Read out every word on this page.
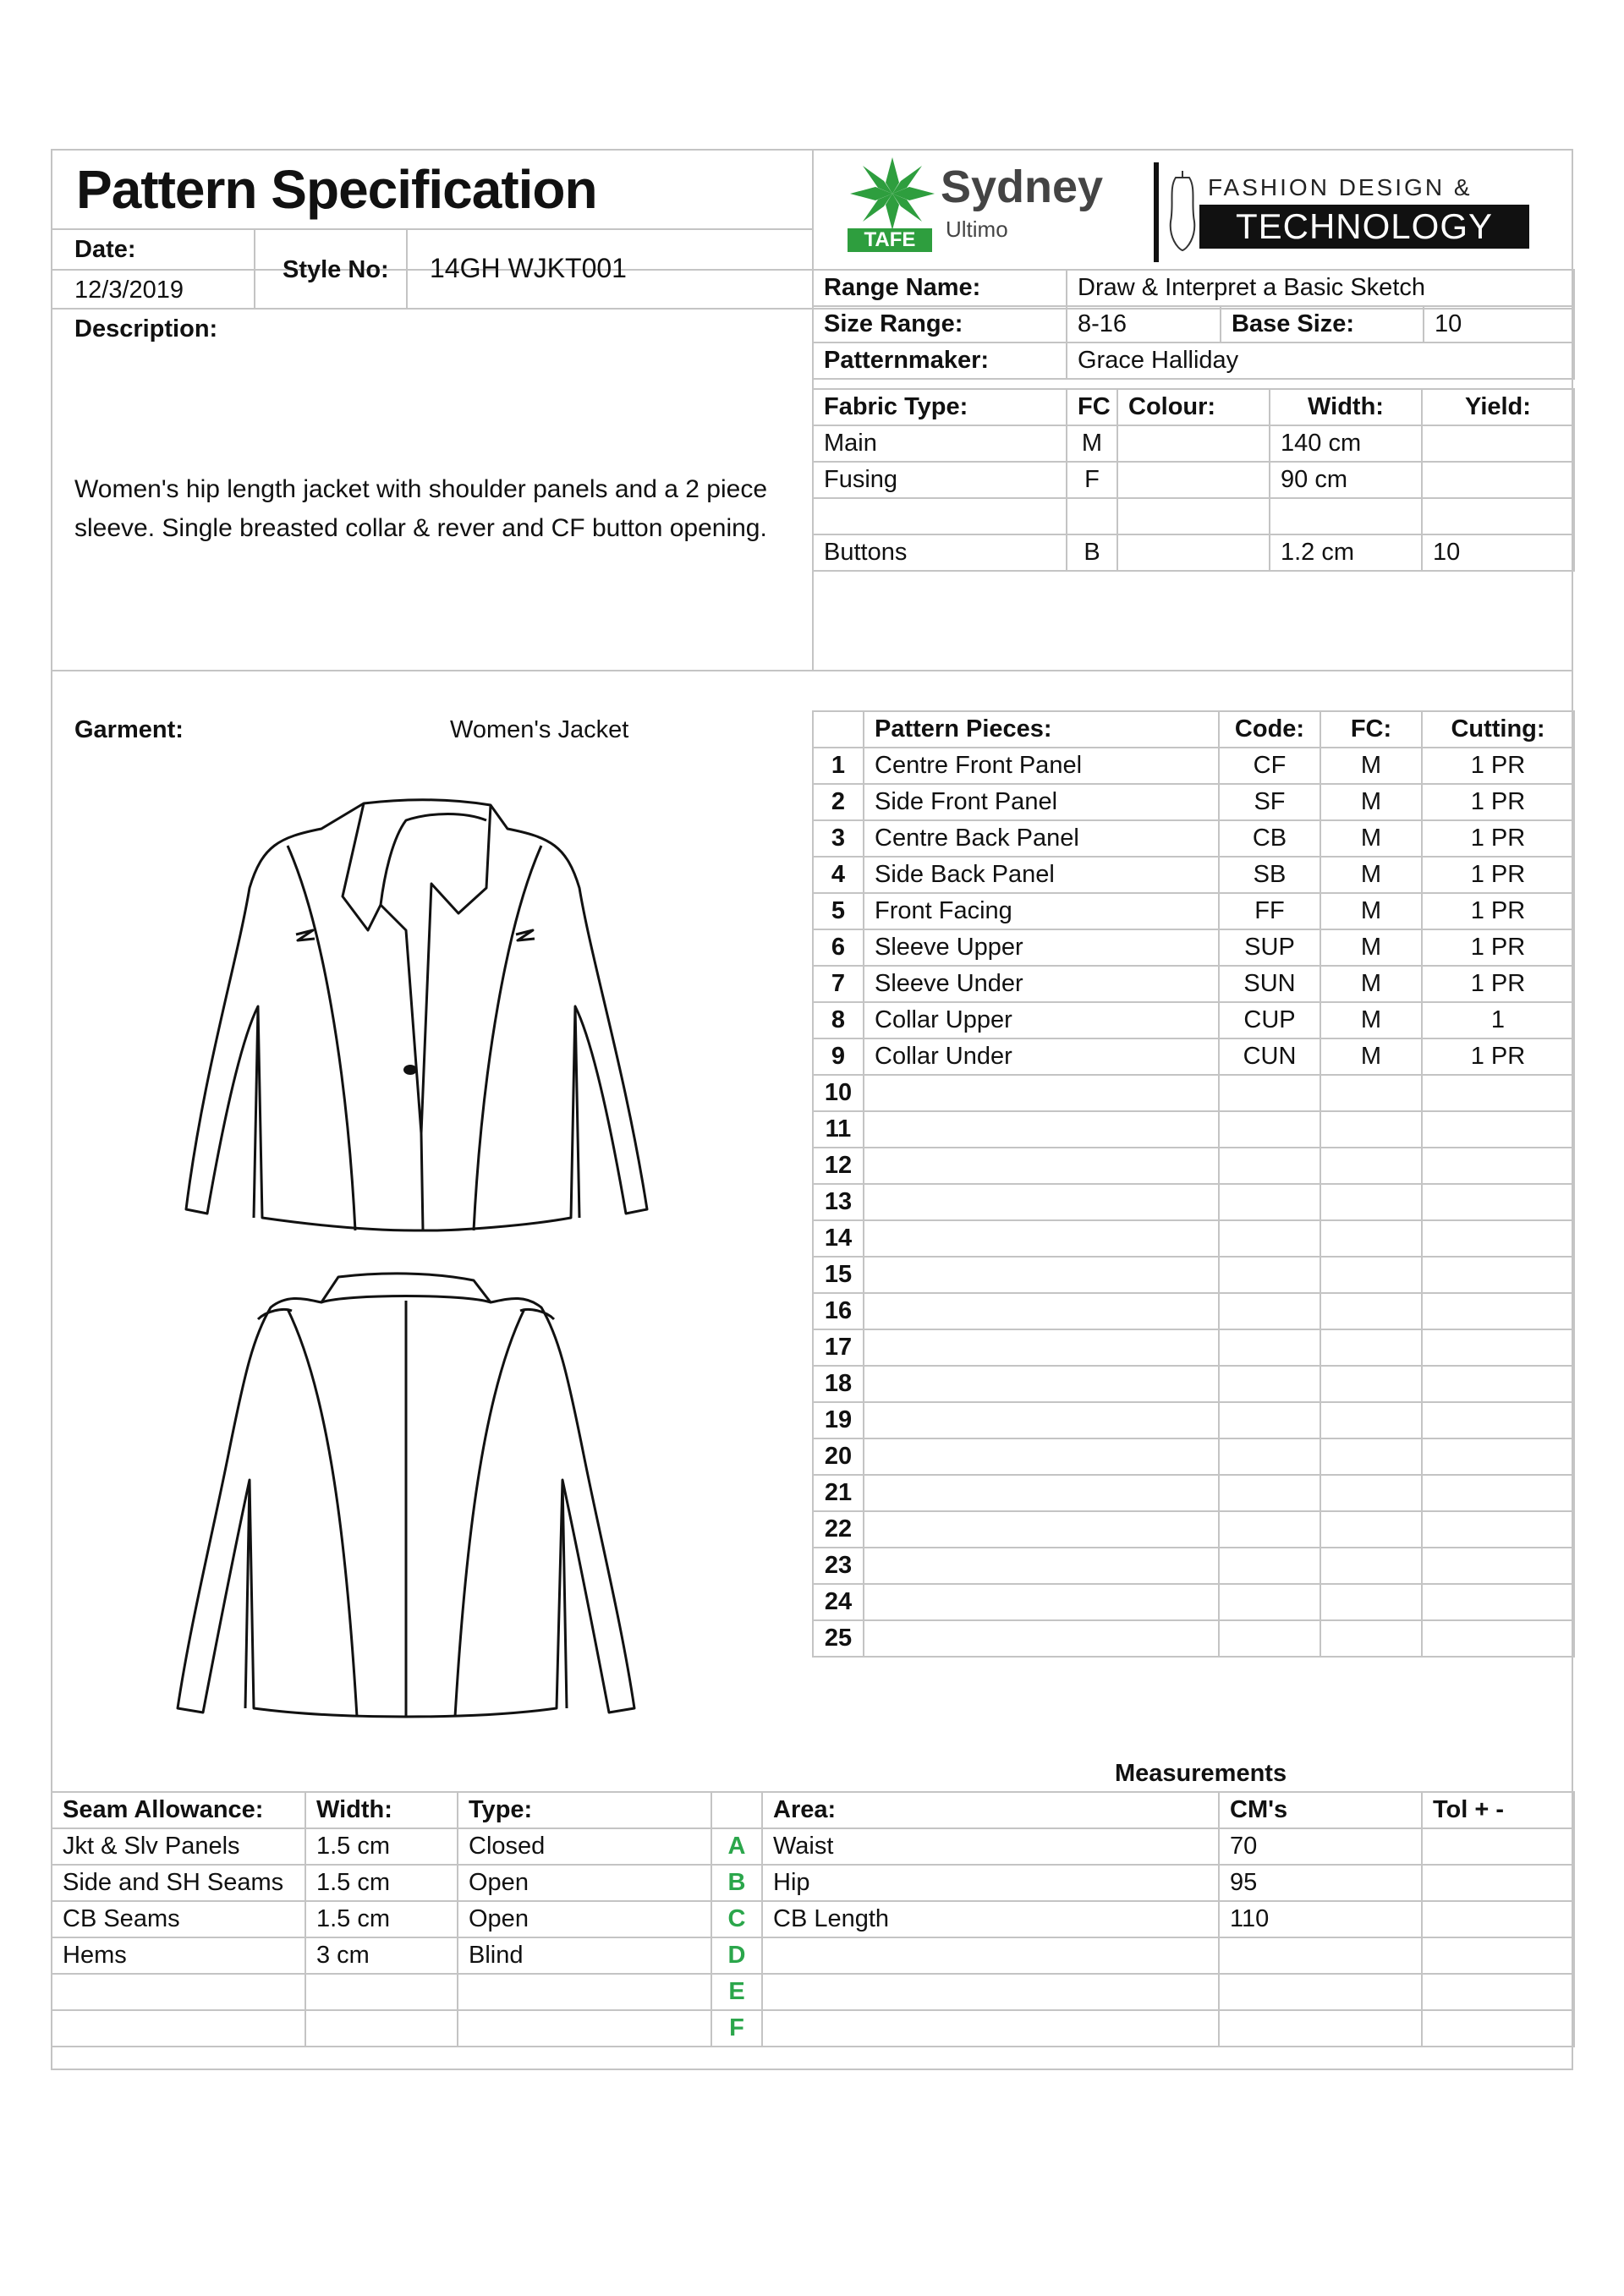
Pattern Specification
Date:
12/3/2019
Style No: 14GH WJKT001
Description:
Women's hip length jacket with shoulder panels and a 2 piece sleeve. Single breasted collar & rever and CF button opening.
TAFE
Sydney
Ultimo
FASHION DESIGN &
TECHNOLOGY
Range Name:	Draw & Interpret a Basic Sketch		
Size Range:	8-16	Base Size:	10
Patternmaker:	Grace Halliday		
Fabric Type:	FC	Colour:	Width:	Yield:
Main	M		140 cm	
Fusing	F		90 cm	

Buttons	B		1.2 cm	10
Garment:	Women's Jacket
		Pattern Pieces:	Code:	FC:	Cutting:
1	Centre Front Panel	CF	M	1 PR
2	Side Front Panel	SF	M	1 PR
3	Centre Back Panel	CB	M	1 PR
4	Side Back Panel	SB	M	1 PR
5	Front Facing	FF	M	1 PR
6	Sleeve Upper	SUP	M	1 PR
7	Sleeve Under	SUN	M	1 PR
8	Collar Upper	CUP	M	1
9	Collar Under	CUN	M	1 PR
10				
11				
12				
13				
14				
15				
16				
17				
18				
19				
20				
21				
22				
23				
24				
25				
Measurements
Seam Allowance:	Width:	Type:		Area:	CM's	Tol + -
Jkt & Slv Panels	1.5 cm	Closed	A	Waist	70	
Side and SH Seams	1.5 cm	Open	B	Hip	95	
CB Seams	1.5 cm	Open	C	CB Length	110	
Hems	3 cm	Blind	D			
			E			
			F			
